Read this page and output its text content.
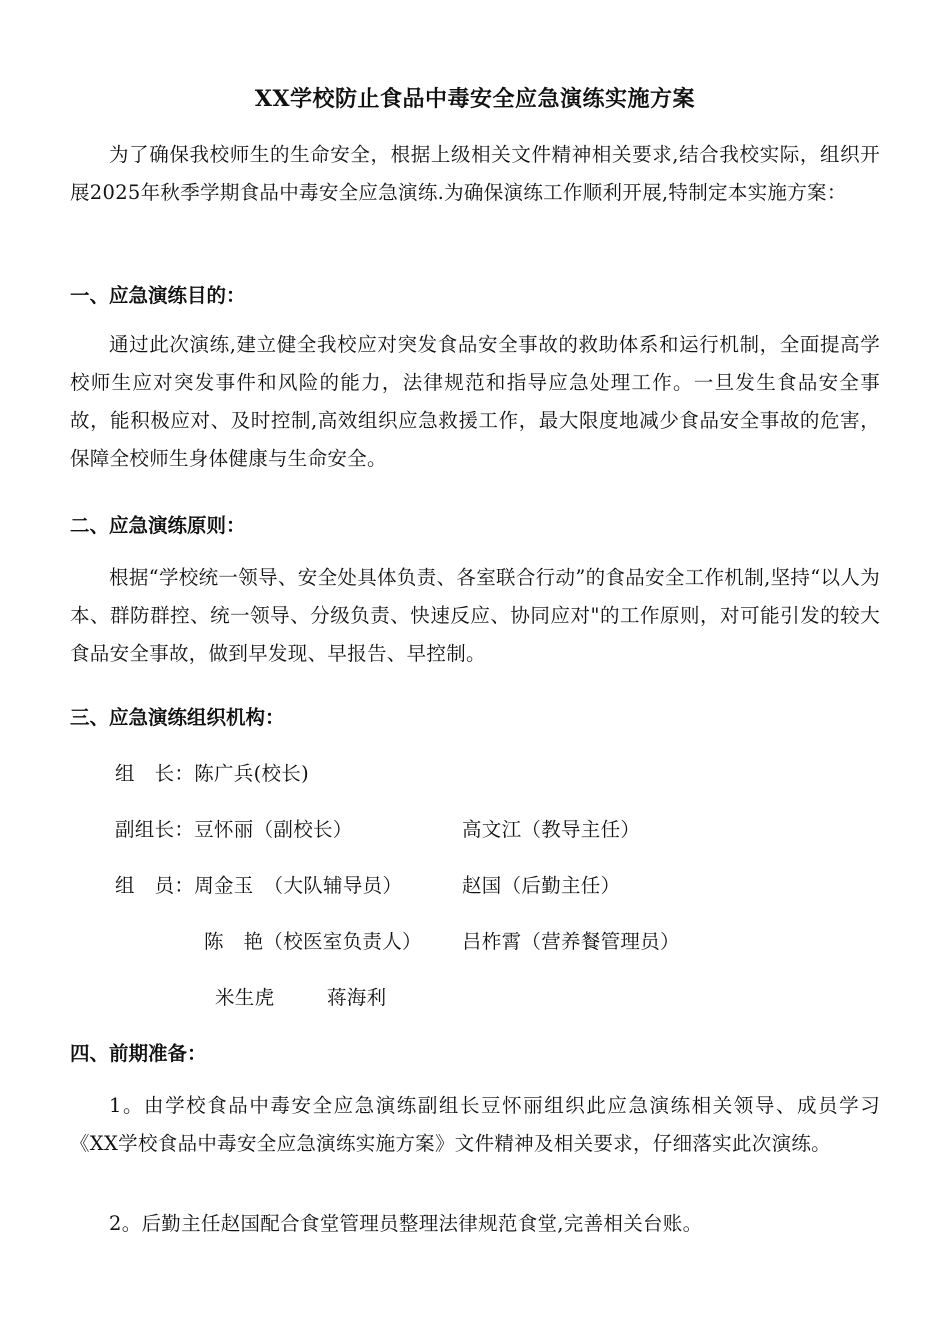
XX学校防止食品中毒安全应急演练实施方案
为了确保我校师生的生命安全，根据上级相关文件精神相关要求,结合我校实际，组织开展2025年秋季学期食品中毒安全应急演练.为确保演练工作顺利开展,特制定本实施方案：
一、应急演练目的：
通过此次演练,建立健全我校应对突发食品安全事故的救助体系和运行机制，全面提高学校师生应对突发事件和风险的能力，法律规范和指导应急处理工作。一旦发生食品安全事故，能积极应对、及时控制,高效组织应急救援工作，最大限度地减少食品安全事故的危害，保障全校师生身体健康与生命安全。
二、应急演练原则：
根据“学校统一领导、安全处具体负责、各室联合行动”的食品安全工作机制,坚持“以人为本、群防群控、统一领导、分级负责、快速反应、协同应对"的工作原则，对可能引发的较大食品安全事故，做到早发现、早报告、早控制。
三、应急演练组织机构：
组　长：陈广兵(校长)
副组长：豆怀丽（副校长）	高文江（教导主任）
组　员：周金玉　（大队辅导员）	赵国（后勤主任）
陈　艳（校医室负责人） 吕柞霄（营养餐管理员）
米生虎	蒋海利
四、前期准备：
1。由学校食品中毒安全应急演练副组长豆怀丽组织此应急演练相关领导、成员学习《XX学校食品中毒安全应急演练实施方案》文件精神及相关要求，仔细落实此次演练。
2。后勤主任赵国配合食堂管理员整理法律规范食堂,完善相关台账。
